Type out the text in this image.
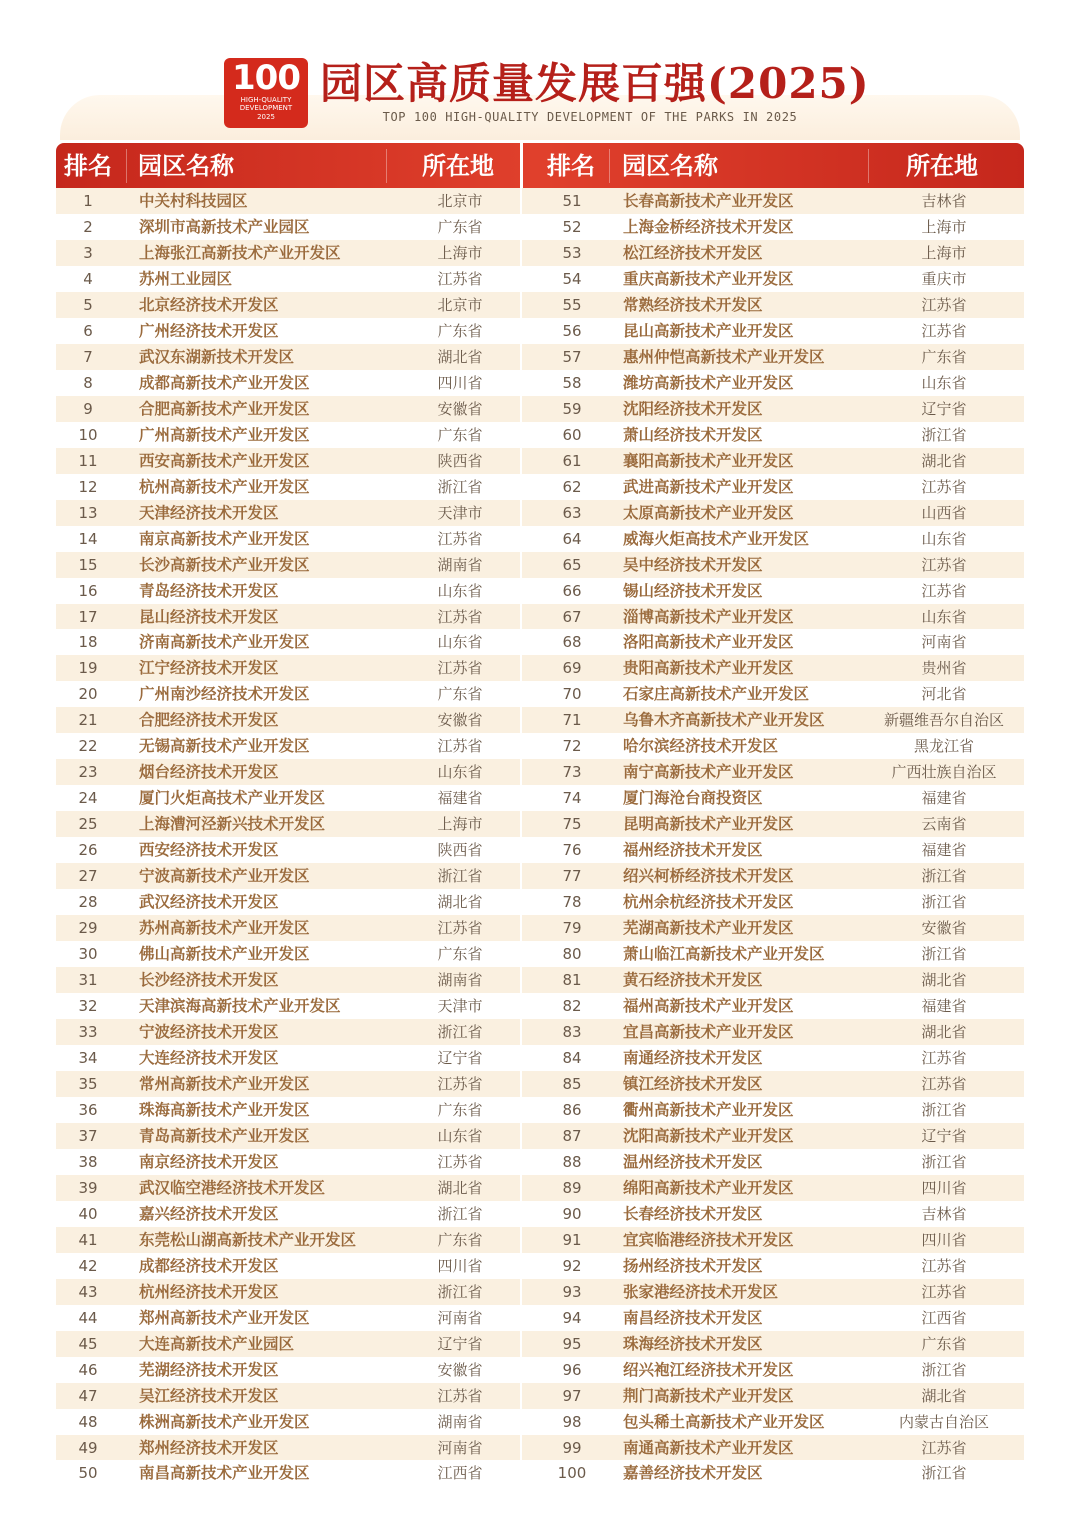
100
HIGH-QUALITY
DEVELOPMENT
2025
园区高质量发展百强(2025)
TOP 100 HIGH-QUALITY DEVELOPMENT OF THE PARKS IN 2025
排名 园区名称	所在地 排名 园区名称	所在地
1	中关村科技园区	北京市	51	长春高新技术产业开发区	吉林省
2	深圳市高新技术产业园区	广东省	52	上海金桥经济技术开发区	上海市
3	上海张江高新技术产业开发区	上海市	53	松江经济技术开发区	上海市
4	苏州工业园区	江苏省	54	重庆高新技术产业开发区	重庆市
5	北京经济技术开发区	北京市	55	常熟经济技术开发区	江苏省
6	广州经济技术开发区	广东省	56	昆山高新技术产业开发区	江苏省
7	武汉东湖新技术开发区	湖北省	57	惠州仲恺高新技术产业开发区	广东省
8	成都高新技术产业开发区	四川省	58	潍坊高新技术产业开发区	山东省
9	合肥高新技术产业开发区	安徽省	59	沈阳经济技术开发区	辽宁省
10	广州高新技术产业开发区	广东省	60	萧山经济技术开发区	浙江省
11	西安高新技术产业开发区	陕西省	61	襄阳高新技术产业开发区	湖北省
12	杭州高新技术产业开发区	浙江省	62	武进高新技术产业开发区	江苏省
13	天津经济技术开发区	天津市	63	太原高新技术产业开发区	山西省
14	南京高新技术产业开发区	江苏省	64	威海火炬高技术产业开发区	山东省
15	长沙高新技术产业开发区	湖南省	65	吴中经济技术开发区	江苏省
16	青岛经济技术开发区	山东省	66	锡山经济技术开发区	江苏省
17	昆山经济技术开发区	江苏省	67	淄博高新技术产业开发区	山东省
18	济南高新技术产业开发区	山东省	68	洛阳高新技术产业开发区	河南省
19	江宁经济技术开发区	江苏省	69	贵阳高新技术产业开发区	贵州省
20	广州南沙经济技术开发区	广东省	70	石家庄高新技术产业开发区	河北省
21	合肥经济技术开发区	安徽省	71	乌鲁木齐高新技术产业开发区	新疆维吾尔自治区
22	无锡高新技术产业开发区	江苏省	72	哈尔滨经济技术开发区	黑龙江省
23	烟台经济技术开发区	山东省	73	南宁高新技术产业开发区	广西壮族自治区
24	厦门火炬高技术产业开发区	福建省	74	厦门海沧台商投资区	福建省
25	上海漕河泾新兴技术开发区	上海市	75	昆明高新技术产业开发区	云南省
26	西安经济技术开发区	陕西省	76	福州经济技术开发区	福建省
27	宁波高新技术产业开发区	浙江省	77	绍兴柯桥经济技术开发区	浙江省
28	武汉经济技术开发区	湖北省	78	杭州余杭经济技术开发区	浙江省
29	苏州高新技术产业开发区	江苏省	79	芜湖高新技术产业开发区	安徽省
30	佛山高新技术产业开发区	广东省	80	萧山临江高新技术产业开发区	浙江省
31	长沙经济技术开发区	湖南省	81	黄石经济技术开发区	湖北省
32	天津滨海高新技术产业开发区	天津市	82	福州高新技术产业开发区	福建省
33	宁波经济技术开发区	浙江省	83	宜昌高新技术产业开发区	湖北省
34	大连经济技术开发区	辽宁省	84	南通经济技术开发区	江苏省
35	常州高新技术产业开发区	江苏省	85	镇江经济技术开发区	江苏省
36	珠海高新技术产业开发区	广东省	86	衢州高新技术产业开发区	浙江省
37	青岛高新技术产业开发区	山东省	87	沈阳高新技术产业开发区	辽宁省
38	南京经济技术开发区	江苏省	88	温州经济技术开发区	浙江省
39	武汉临空港经济技术开发区	湖北省	89	绵阳高新技术产业开发区	四川省
40	嘉兴经济技术开发区	浙江省	90	长春经济技术开发区	吉林省
41	东莞松山湖高新技术产业开发区	广东省	91	宜宾临港经济技术开发区	四川省
42	成都经济技术开发区	四川省	92	扬州经济技术开发区	江苏省
43	杭州经济技术开发区	浙江省	93	张家港经济技术开发区	江苏省
44	郑州高新技术产业开发区	河南省	94	南昌经济技术开发区	江西省
45	大连高新技术产业园区	辽宁省	95	珠海经济技术开发区	广东省
46	芜湖经济技术开发区	安徽省	96	绍兴袍江经济技术开发区	浙江省
47	吴江经济技术开发区	江苏省	97	荆门高新技术产业开发区	湖北省
48	株洲高新技术产业开发区	湖南省	98	包头稀土高新技术产业开发区	内蒙古自治区
49	郑州经济技术开发区	河南省	99	南通高新技术产业开发区	江苏省
50	南昌高新技术产业开发区	江西省	100	嘉善经济技术开发区	浙江省
